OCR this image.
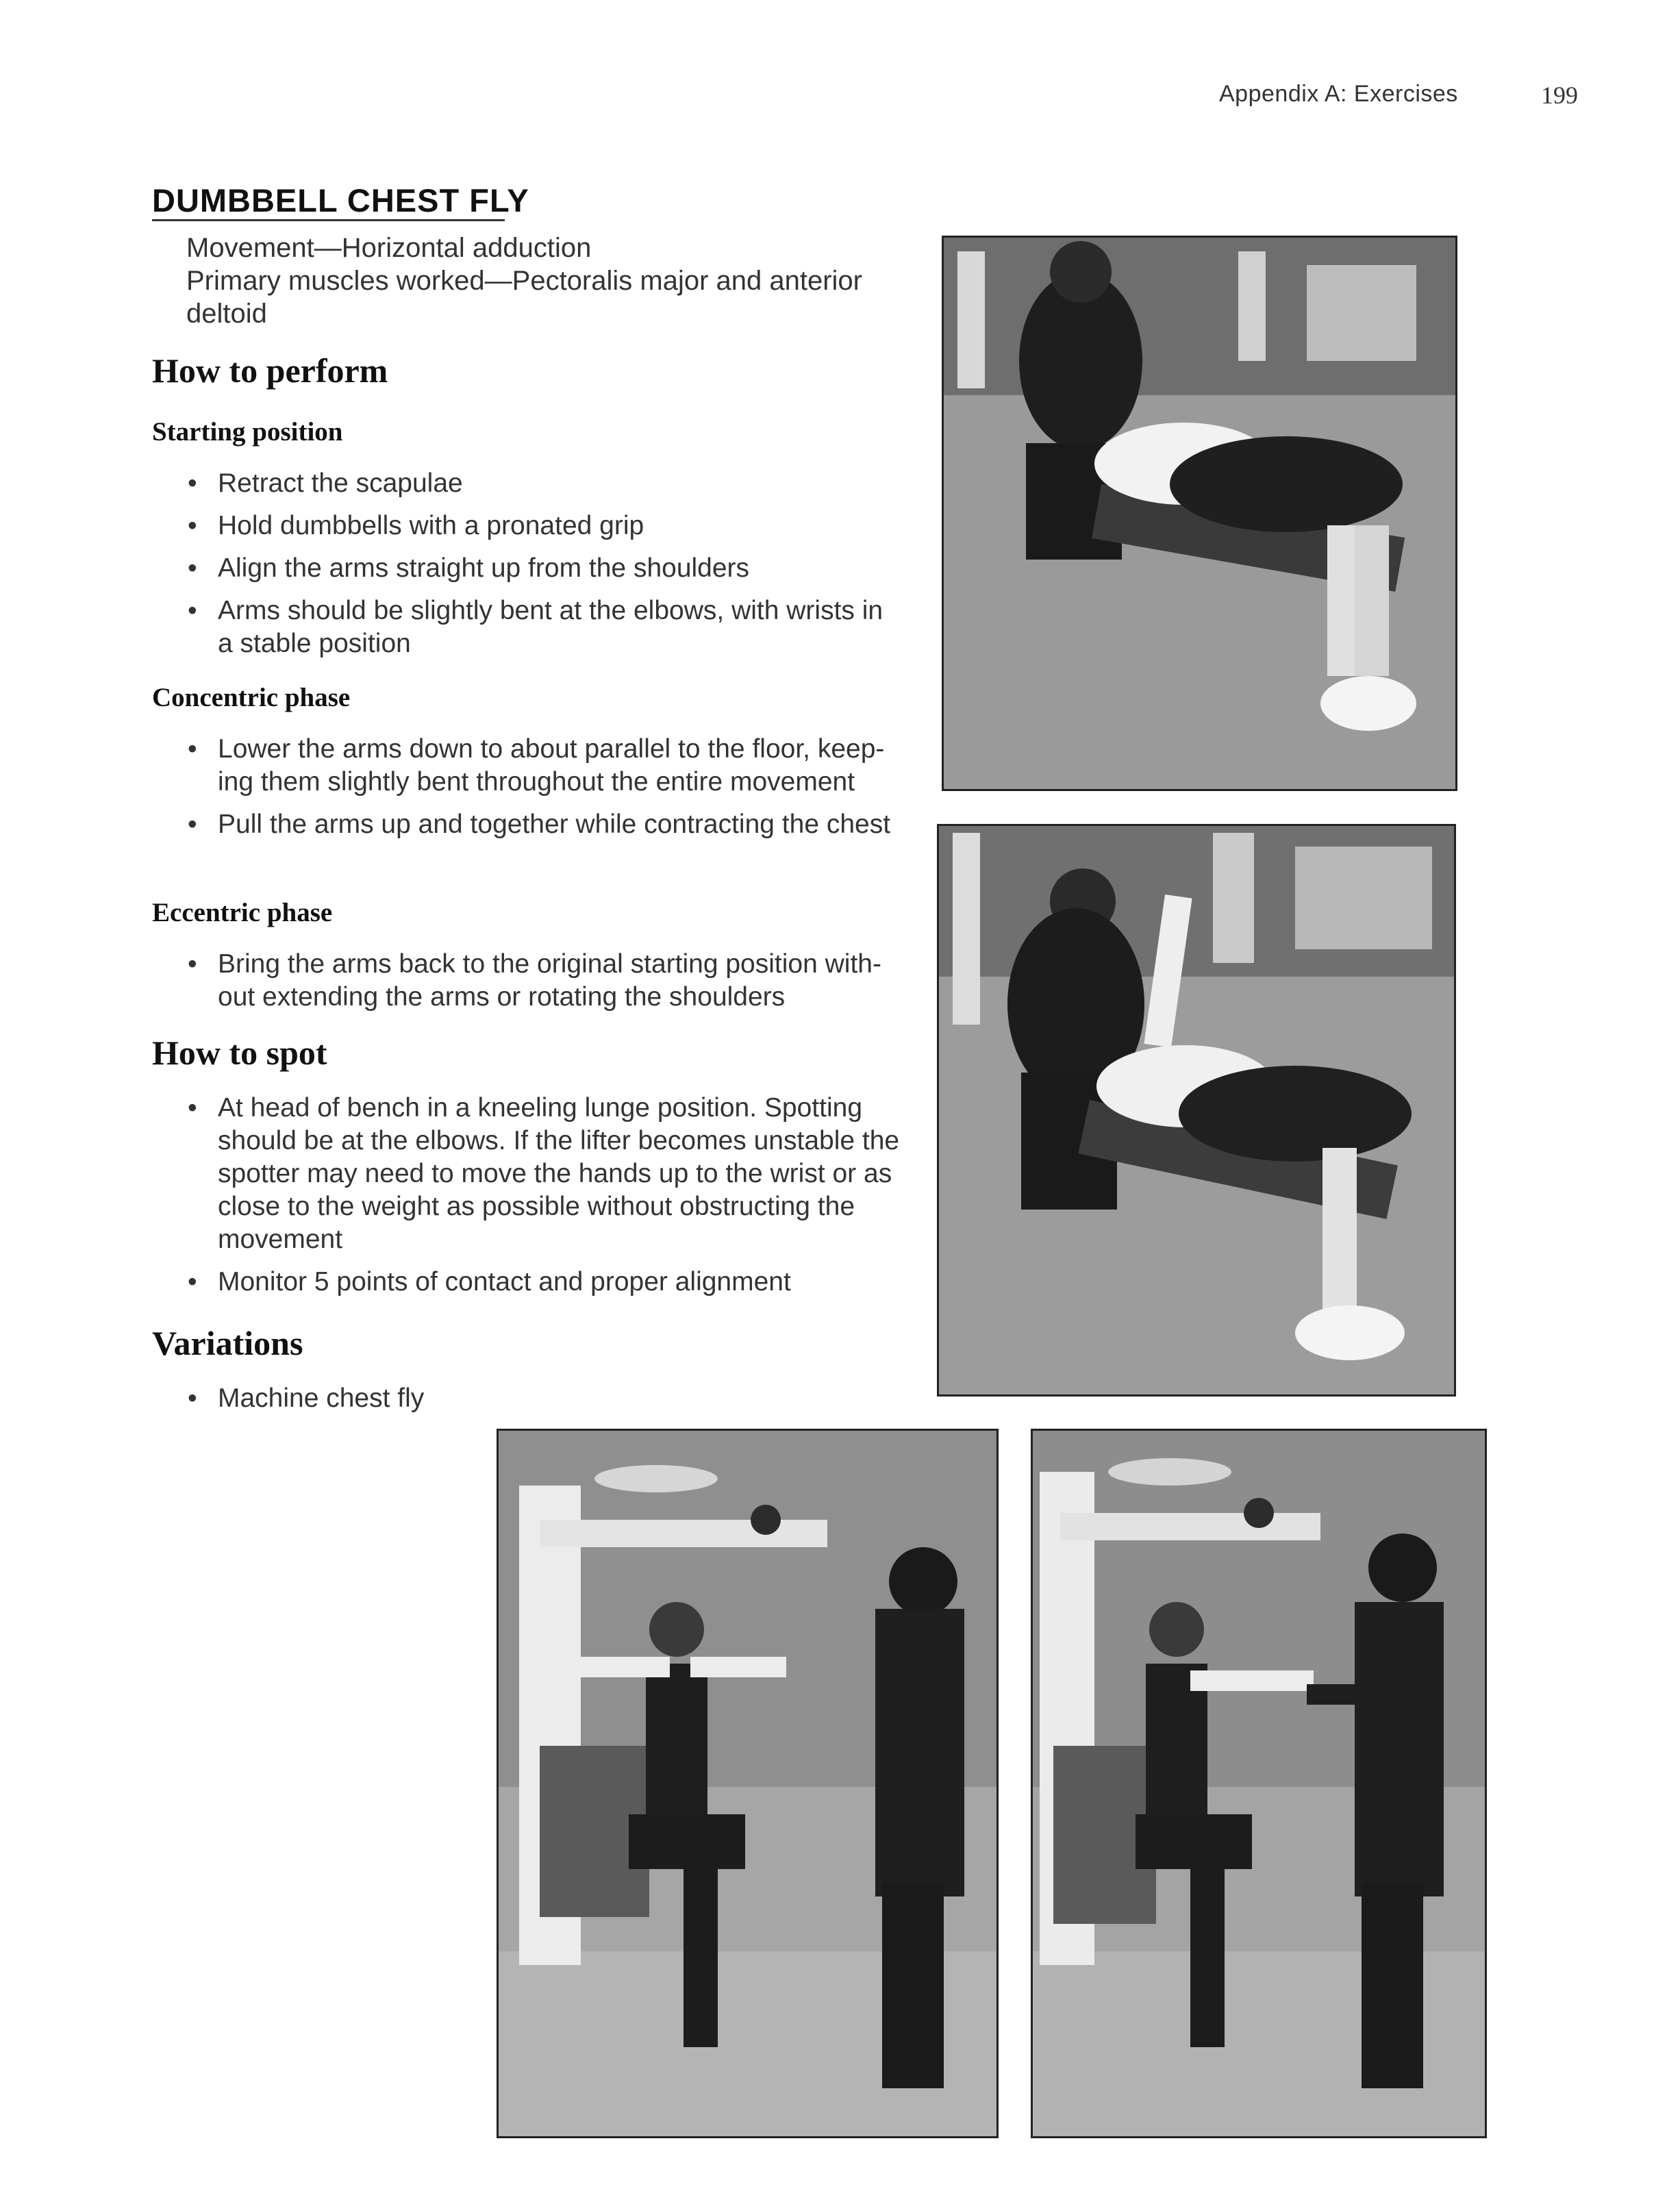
Appendix A: Exercises	199
DUMBBELL CHEST FLY

Movement—Horizontal adduction

Primary muscles worked—Pectoralis major and anterior deltoid

How to perform
Starting position
• Retract the scapulae
• Hold dumbbells with a pronated grip
• Align the arms straight up from the shoulders
• Arms should be slightly bent at the elbows, with wrists in a stable position
Concentric phase
• Lower the arms down to about parallel to the floor, keep-ing them slightly bent throughout the entire movement
• Pull the arms up and together while contracting the chest
Eccentric phase
• Bring the arms back to the original starting position with-out extending the arms or rotating the shoulders
How to spot
• At head of bench in a kneeling lunge position. Spotting should be at the elbows. If the lifter becomes unstable the spotter may need to move the hands up to the wrist or as close to the weight as possible without obstructing the movement
• Monitor 5 points of contact and proper alignment
Variations
• Machine chest fly
